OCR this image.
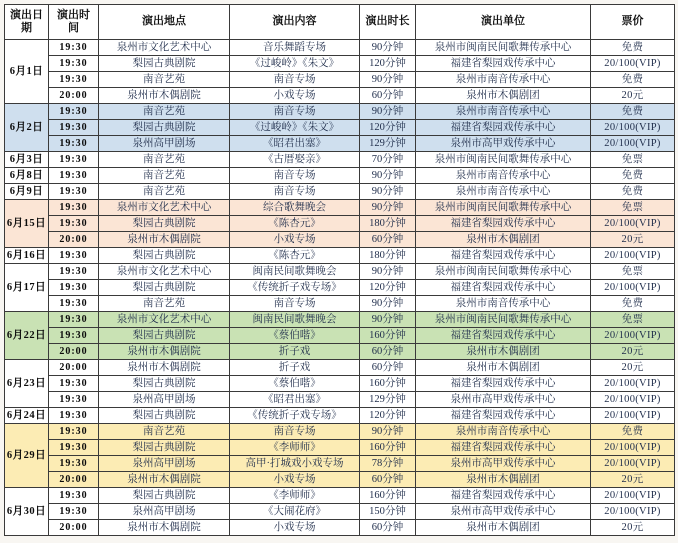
演出日期	演出时间	演出地点	演出内容	演出时长	演出单位	票价
6月1日	19:30	泉州市文化艺术中心	音乐舞蹈专场	90分钟	泉州市闽南民间歌舞传承中心	免费
	19:30	梨园古典剧院	《过峻岭》《朱文》	120分钟	福建省梨园戏传承中心	20/100(VIP)
	19:30	南音艺苑	南音专场	90分钟	泉州市南音传承中心	免费
	20:00	泉州市木偶剧院	小戏专场	60分钟	泉州市木偶剧团	20元
6月2日	19:30	南音艺苑	南音专场	90分钟	泉州市南音传承中心	免费
	19:30	梨园古典剧院	《过峻岭》《朱文》	120分钟	福建省梨园戏传承中心	20/100(VIP)
	19:30	泉州高甲剧场	《昭君出塞》	129分钟	泉州市高甲戏传承中心	20/100(VIP)
6月3日	19:30	南音艺苑	《古厝娶亲》	70分钟	泉州市闽南民间歌舞传承中心	免票
6月8日	19:30	南音艺苑	南音专场	90分钟	泉州市南音传承中心	免费
6月9日	19:30	南音艺苑	南音专场	90分钟	泉州市南音传承中心	免费
6月15日	19:30	泉州市文化艺术中心	综合歌舞晚会	90分钟	泉州市闽南民间歌舞传承中心	免票
	19:30	梨园古典剧院	《陈杏元》	180分钟	福建省梨园戏传承中心	20/100(VIP)
	20:00	泉州市木偶剧院	小戏专场	60分钟	泉州市木偶剧团	20元
6月16日	19:30	梨园古典剧院	《陈杏元》	180分钟	福建省梨园戏传承中心	20/100(VIP)
6月17日	19:30	泉州市文化艺术中心	闽南民间歌舞晚会	90分钟	泉州市闽南民间歌舞传承中心	免票
	19:30	梨园古典剧院	《传统折子戏专场》	120分钟	福建省梨园戏传承中心	20/100(VIP)
	19:30	南音艺苑	南音专场	90分钟	泉州市南音传承中心	免费
6月22日	19:30	泉州市文化艺术中心	闽南民间歌舞晚会	90分钟	泉州市闽南民间歌舞传承中心	免票
	19:30	梨园古典剧院	《蔡伯喈》	160分钟	福建省梨园戏传承中心	20/100(VIP)
	20:00	泉州市木偶剧院	折子戏	60分钟	泉州市木偶剧团	20元
6月23日	20:00	泉州市木偶剧院	折子戏	60分钟	泉州市木偶剧团	20元
	19:30	梨园古典剧院	《蔡伯喈》	160分钟	福建省梨园戏传承中心	20/100(VIP)
	19:30	泉州高甲剧场	《昭君出塞》	129分钟	泉州市高甲戏传承中心	20/100(VIP)
6月24日	19:30	梨园古典剧院	《传统折子戏专场》	120分钟	福建省梨园戏传承中心	20/100(VIP)
6月29日	19:30	南音艺苑	南音专场	90分钟	泉州市南音传承中心	免费
	19:30	梨园古典剧院	《李师师》	160分钟	福建省梨园戏传承中心	20/100(VIP)
	19:30	泉州高甲剧场	高甲·打城戏小戏专场	78分钟	泉州市高甲戏传承中心	20/100(VIP)
	20:00	泉州市木偶剧院	小戏专场	60分钟	泉州市木偶剧团	20元
6月30日	19:30	梨园古典剧院	《李师师》	160分钟	福建省梨园戏传承中心	20/100(VIP)
	19:30	泉州高甲剧场	《大闹花府》	150分钟	泉州市高甲戏传承中心	20/100(VIP)
	20:00	泉州市木偶剧院	小戏专场	60分钟	泉州市木偶剧团	20元
